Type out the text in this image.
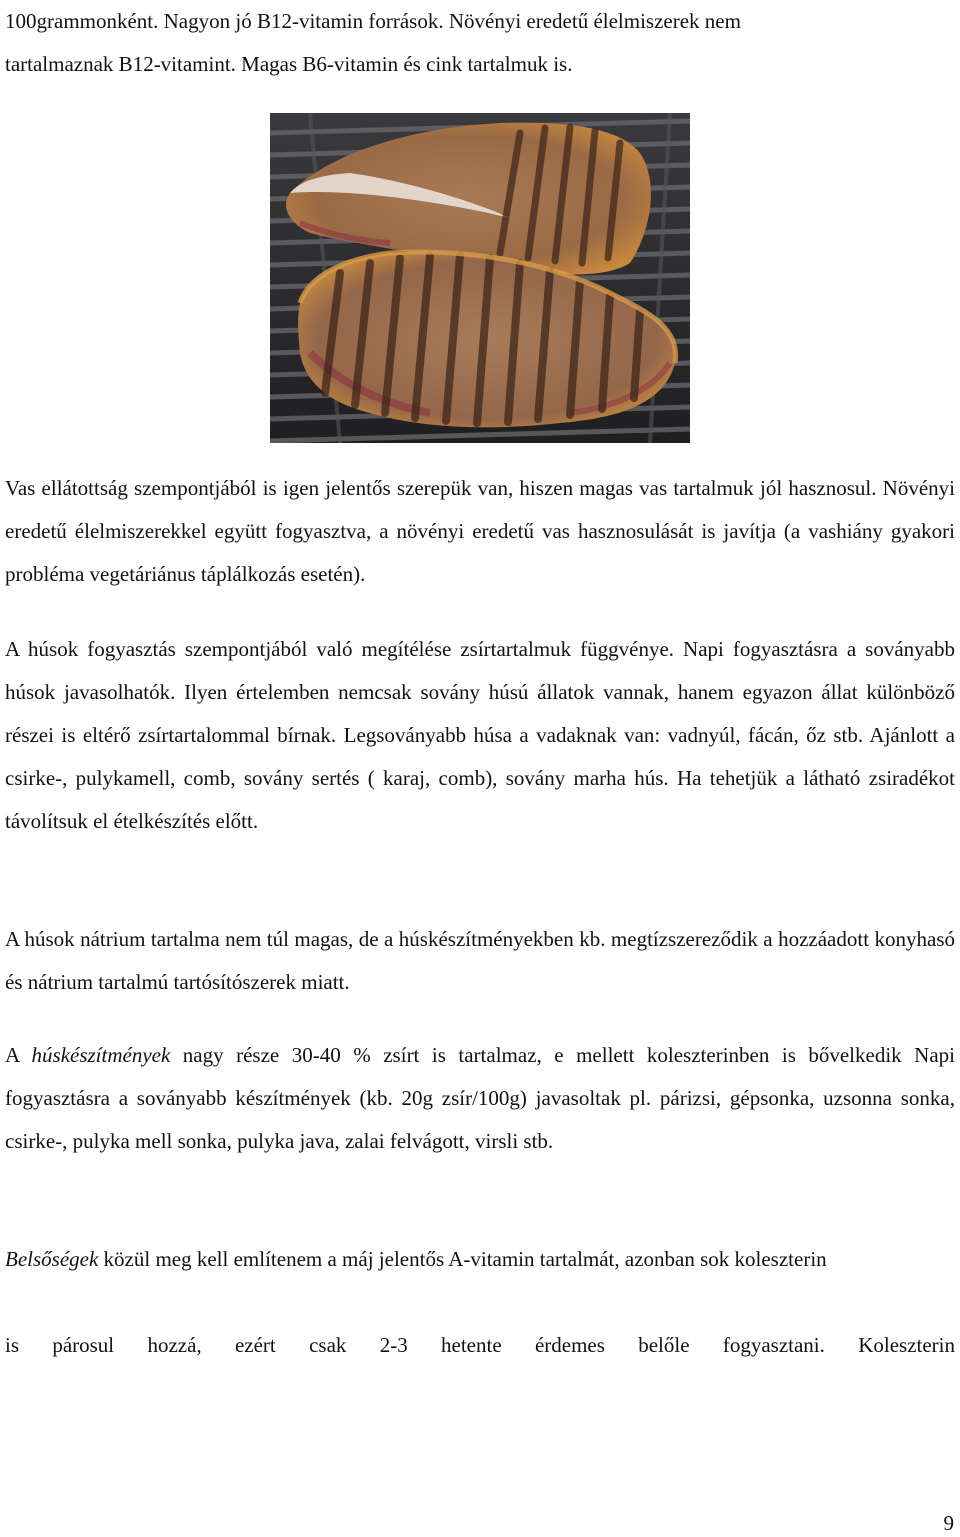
100grammonként. Nagyon jó B12-vitamin források. Növényi eredetű élelmiszerek nem
tartalmaznak B12-vitamint. Magas B6-vitamin és cink tartalmuk is.
Vas ellátottság szempontjából is igen jelentős szerepük van, hiszen magas vas tartalmuk jól hasznosul. Növényi eredetű élelmiszerekkel együtt fogyasztva, a növényi eredetű vas hasznosulását is javítja (a vashiány gyakori probléma vegetáriánus táplálkozás esetén).
A húsok fogyasztás szempontjából való megítélése zsírtartalmuk függvénye. Napi fogyasztásra a soványabb húsok javasolhatók. Ilyen értelemben nemcsak sovány húsú állatok vannak, hanem egyazon állat különböző részei is eltérő zsírtartalommal bírnak. Legsoványabb húsa a vadaknak van: vadnyúl, fácán, őz stb. Ajánlott a csirke-, pulykamell, comb, sovány sertés ( karaj, comb), sovány marha hús. Ha tehetjük a látható zsiradékot távolítsuk el ételkészítés előtt.
A húsok nátrium tartalma nem túl magas, de a húskészítményekben kb. megtízszereződik a hozzáadott konyhasó és nátrium tartalmú tartósítószerek miatt.
A húskészítmények nagy része 30-40 % zsírt is tartalmaz, e mellett koleszterinben is bővelkedik Napi fogyasztásra a soványabb készítmények (kb. 20g zsír/100g) javasoltak pl. párizsi, gépsonka, uzsonna sonka, csirke-, pulyka mell sonka, pulyka java, zalai felvágott, virsli stb.
Belsőségek közül meg kell említenem a máj jelentős A-vitamin tartalmát, azonban sok koleszterin
is párosul hozzá, ezért csak 2-3 hetente érdemes belőle fogyasztani. Koleszterin
9
